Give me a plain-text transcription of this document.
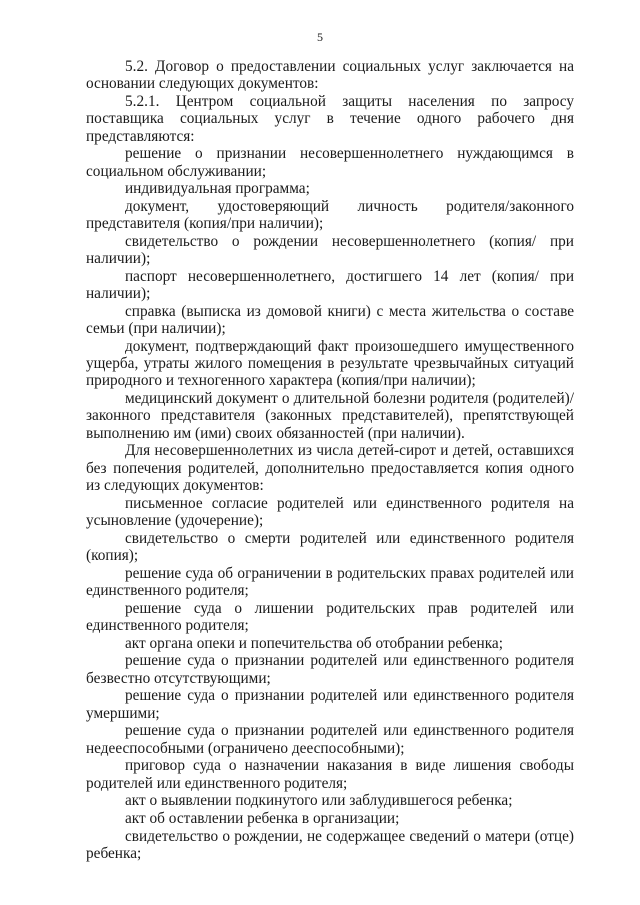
5

5.2. Договор о предоставлении социальных услуг заключается на основании следующих документов:

5.2.1. Центром социальной защиты населения по запросу поставщика социальных услуг в течение одного рабочего дня представляются:

решение о признании несовершеннолетнего нуждающимся в социальном обслуживании;

индивидуальная программа;

документ, удостоверяющий личность родителя/законного представителя (копия/при наличии);

свидетельство о рождении несовершеннолетнего (копия/ при наличии);

паспорт несовершеннолетнего, достигшего 14 лет (копия/ при наличии);

справка (выписка из домовой книги) с места жительства о составе семьи (при наличии);

документ, подтверждающий факт произошедшего имущественного ущерба, утраты жилого помещения в результате чрезвычайных ситуаций природного и техногенного характера (копия/при наличии);

медицинский документ о длительной болезни родителя (родителей)/законного представителя (законных представителей), препятствующей выполнению им (ими) своих обязанностей (при наличии).

Для несовершеннолетних из числа детей-сирот и детей, оставшихся без попечения родителей, дополнительно предоставляется копия одного из следующих документов:

письменное согласие родителей или единственного родителя на усыновление (удочерение);

свидетельство о смерти родителей или единственного родителя (копия);

решение суда об ограничении в родительских правах родителей или единственного родителя;

решение суда о лишении родительских прав родителей или единственного родителя;

акт органа опеки и попечительства об отобрании ребенка;

решение суда о признании родителей или единственного родителя безвестно отсутствующими;

решение суда о признании родителей или единственного родителя умершими;

решение суда о признании родителей или единственного родителя недееспособными (ограничено дееспособными);

приговор суда о назначении наказания в виде лишения свободы родителей или единственного родителя;

акт о выявлении подкинутого или заблудившегося ребенка;

акт об оставлении ребенка в организации;

свидетельство о рождении, не содержащее сведений о матери (отце) ребенка;
